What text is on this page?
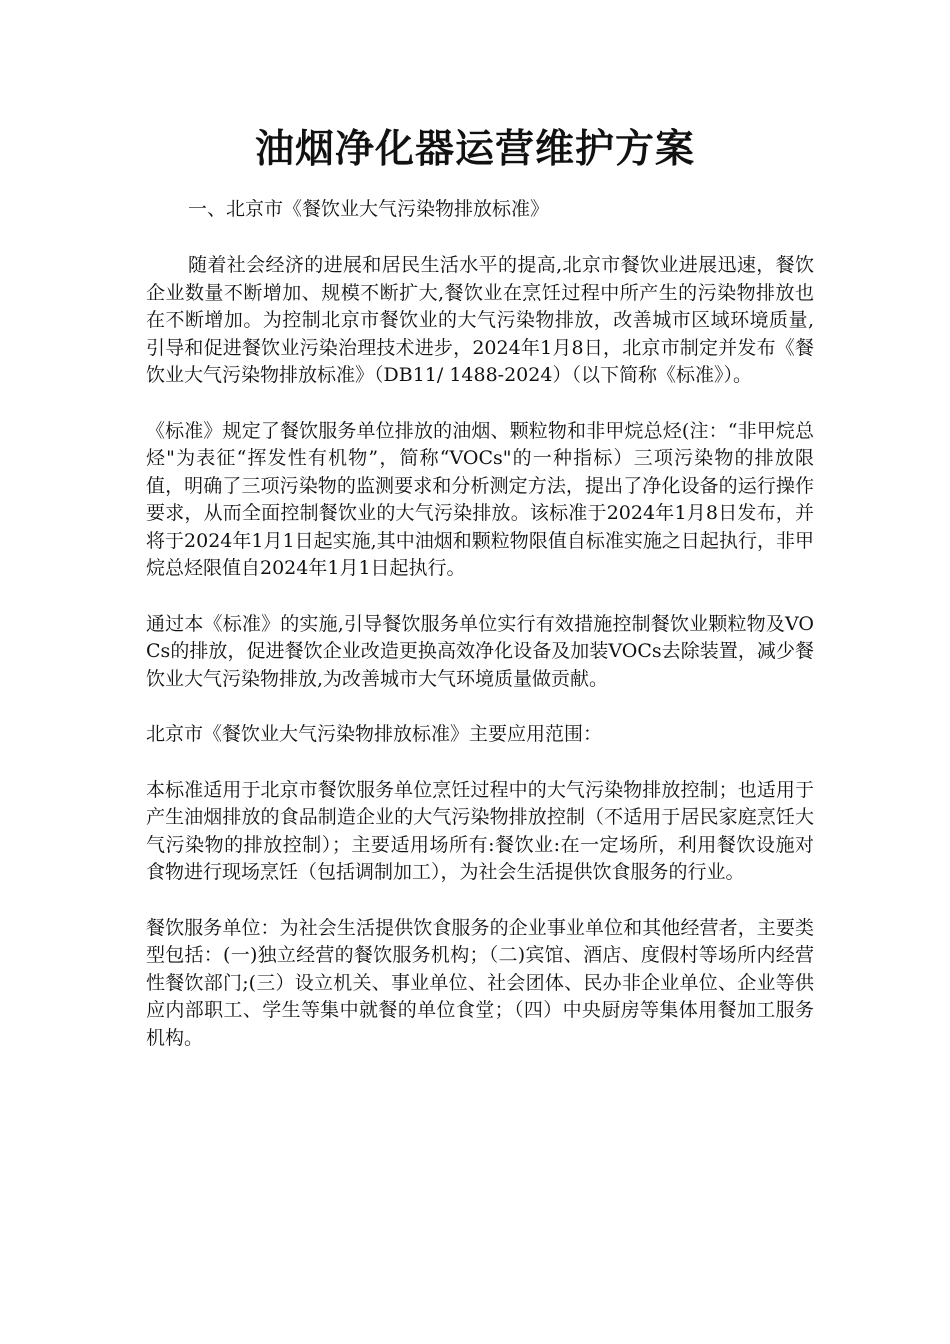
油烟净化器运营维护方案

一、北京市《餐饮业大气污染物排放标准》

随着社会经济的进展和居民生活水平的提高,北京市餐饮业进展迅速，餐饮企业数量不断增加、规模不断扩大,餐饮业在烹饪过程中所产生的污染物排放也在不断增加。为控制北京市餐饮业的大气污染物排放，改善城市区域环境质量,引导和促进餐饮业污染治理技术进步，2024年1月8日，北京市制定并发布《餐饮业大气污染物排放标准》（DB11/ 1488-2024）（以下简称《标准》）。

《标准》规定了餐饮服务单位排放的油烟、颗粒物和非甲烷总烃(注：“非甲烷总烃"为表征“挥发性有机物”，简称“VOCs"的一种指标）三项污染物的排放限值，明确了三项污染物的监测要求和分析测定方法，提出了净化设备的运行操作要求，从而全面控制餐饮业的大气污染排放。该标准于2024年1月8日发布，并将于2024年1月1日起实施,其中油烟和颗粒物限值自标准实施之日起执行，非甲烷总烃限值自2024年1月1日起执行。

通过本《标准》的实施,引导餐饮服务单位实行有效措施控制餐饮业颗粒物及VOCs的排放，促进餐饮企业改造更换高效净化设备及加装VOCs去除装置，减少餐饮业大气污染物排放,为改善城市大气环境质量做贡献。

北京市《餐饮业大气污染物排放标准》主要应用范围：

本标准适用于北京市餐饮服务单位烹饪过程中的大气污染物排放控制；也适用于产生油烟排放的食品制造企业的大气污染物排放控制（不适用于居民家庭烹饪大气污染物的排放控制）；主要适用场所有:餐饮业:在一定场所，利用餐饮设施对食物进行现场烹饪（包括调制加工），为社会生活提供饮食服务的行业。

餐饮服务单位：为社会生活提供饮食服务的企业事业单位和其他经营者，主要类型包括：(一)独立经营的餐饮服务机构；（二)宾馆、酒店、度假村等场所内经营性餐饮部门;(三）设立机关、事业单位、社会团体、民办非企业单位、企业等供应内部职工、学生等集中就餐的单位食堂；（四）中央厨房等集体用餐加工服务机构。
